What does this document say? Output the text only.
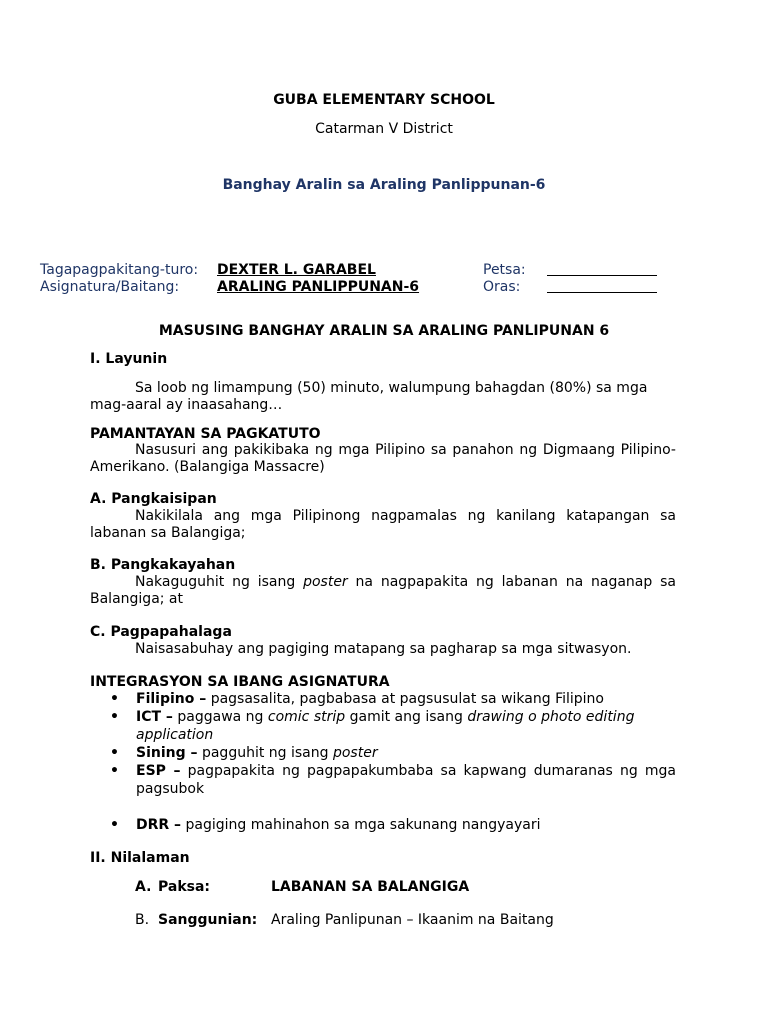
GUBA ELEMENTARY SCHOOL
Catarman V District
Banghay Aralin sa Araling Panlippunan-6
Tagapagpakitang-turo: DEXTER L. GARABEL
Asignatura/Baitang:	ARALING PANLIPPUNAN-6
Petsa:
Oras:
MASUSING BANGHAY ARALIN SA ARALING PANLIPUNAN 6
I. Layunin
Sa loob ng limampung (50) minuto, walumpung bahagdan (80%) sa mga mag-aaral ay inaasahang…
PAMANTAYAN SA PAGKATUTO
Nasusuri ang pakikibaka ng mga Pilipino sa panahon ng Digmaang Pilipino-Amerikano. (Balangiga Massacre)
A. Pangkaisipan
Nakikilala ang mga Pilipinong nagpamalas ng kanilang katapangan sa labanan sa Balangiga;
B. Pangkakayahan
Nakaguguhit ng isang poster na nagpapakita ng labanan na naganap sa Balangiga; at
C. Pagpapahalaga
Naisasabuhay ang pagiging matapang sa pagharap sa mga sitwasyon.
INTEGRASYON SA IBANG ASIGNATURA
• Filipino – pagsasalita, pagbabasa at pagsusulat sa wikang Filipino
• ICT – paggawa ng comic strip gamit ang isang drawing o photo editing application
• Sining – pagguhit ng isang poster
• ESP – pagpapakita ng pagpapakumbaba sa kapwang dumaranas ng mga pagsubok
• DRR – pagiging mahinahon sa mga sakunang nangyayari
II. Nilalaman
A. Paksa:	LABANAN SA BALANGIGA
B. Sanggunian: Araling Panlipunan – Ikaanim na Baitang
